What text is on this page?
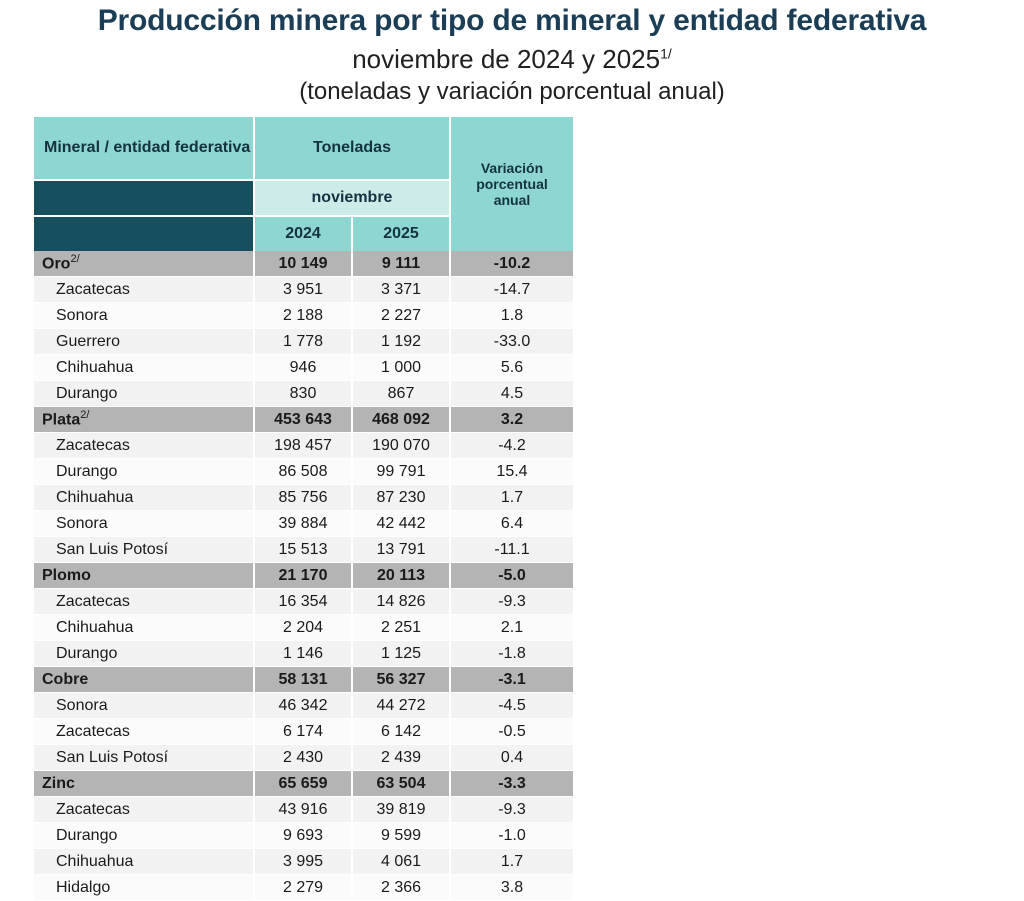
Producción minera por tipo de mineral y entidad federativa
noviembre de 2024 y $2025^{1/}$
(toneladas y variación porcentual anual)
Mineral / entidad federativa	Toneladas		Variación
porcentual
anual
	noviembre		
	2024	2025	
Oro$^{2/}$	10 149	9 111	-10.2
Zacatecas	3 951	3 371	-14.7
Sonora	2 188	2 227	1.8
Guerrero	1 778	1 192	-33.0
Chihuahua	946	1 000	5.6
Durango	830	867	4.5
Plata$^{2/}$	453 643	468 092	3.2
Zacatecas	198 457	190 070	-4.2
Durango	86 508	99 791	15.4
Chihuahua	85 756	87 230	1.7
Sonora	39 884	42 442	6.4
San Luis Potosí	15 513	13 791	-11.1
Plomo	21 170	20 113	-5.0
Zacatecas	16 354	14 826	-9.3
Chihuahua	2 204	2 251	2.1
Durango	1 146	1 125	-1.8
Cobre	58 131	56 327	-3.1
Sonora	46 342	44 272	-4.5
Zacatecas	6 174	6 142	-0.5
San Luis Potosí	2 430	2 439	0.4
Zinc	65 659	63 504	-3.3
Zacatecas	43 916	39 819	-9.3
Durango	9 693	9 599	-1.0
Chihuahua	3 995	4 061	1.7
Hidalgo	2 279	2 366	3.8
